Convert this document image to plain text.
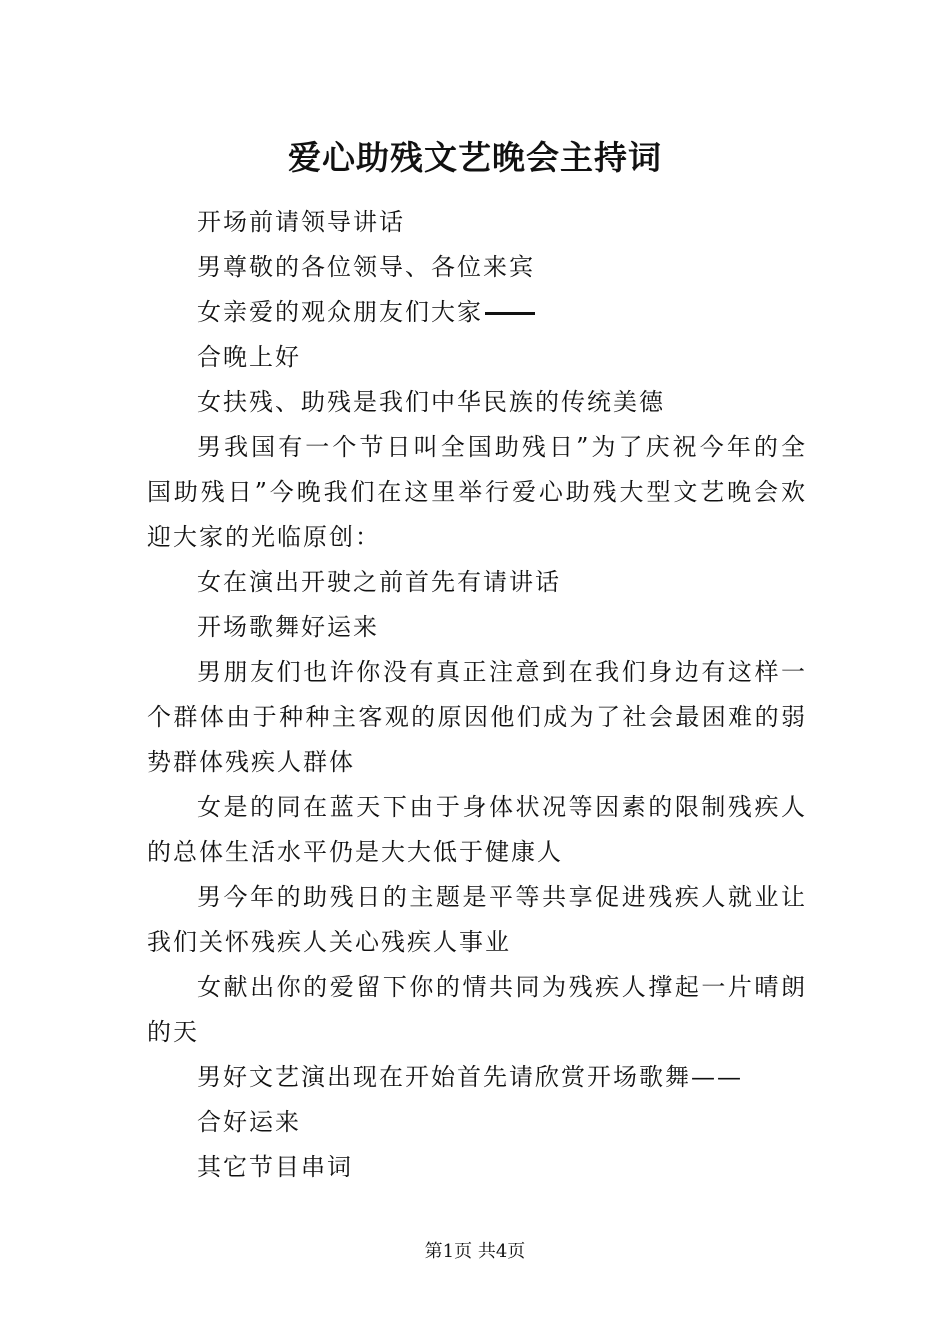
爱心助残文艺晚会主持词

开场前请领导讲话

男尊敬的各位领导、各位来宾

女亲爱的观众朋友们大家

合晚上好

女扶残、助残是我们中华民族的传统美德

男我国有一个节日叫全国助残日”为了庆祝今年的全国助残日”今晚我们在这里举行爱心助残大型文艺晚会欢迎大家的光临原创：

女在演出开驶之前首先有请讲话

开场歌舞好运来

男朋友们也许你没有真正注意到在我们身边有这样一个群体由于种种主客观的原因他们成为了社会最困难的弱势群体残疾人群体

女是的同在蓝天下由于身体状况等因素的限制残疾人的总体生活水平仍是大大低于健康人

男今年的助残日的主题是平等共享促进残疾人就业让我们关怀残疾人关心残疾人事业

女献出你的爱留下你的情共同为残疾人撑起一片晴朗的天

男好文艺演出现在开始首先请欣赏开场歌舞——

合好运来

其它节目串词

第1页 共4页
